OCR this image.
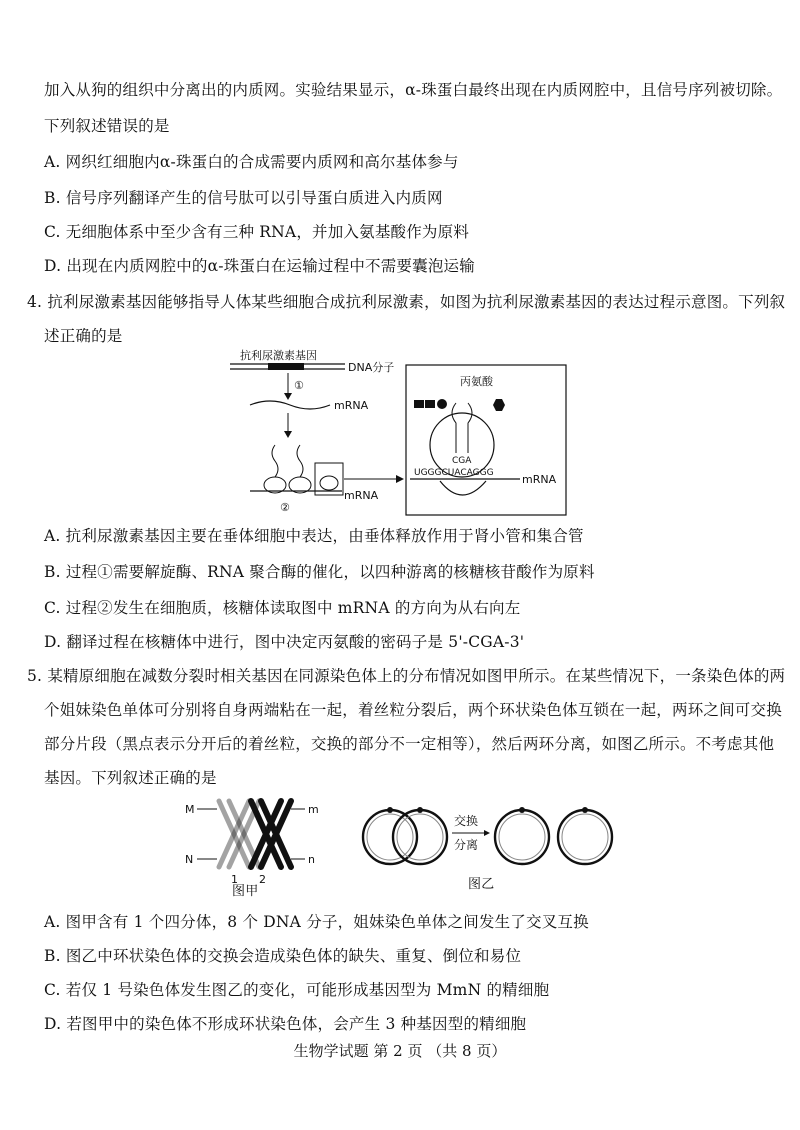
加入从狗的组织中分离出的内质网。实验结果显示，α-珠蛋白最终出现在内质网腔中，且信号序列被切除。
下列叙述错误的是
A. 网织红细胞内α-珠蛋白的合成需要内质网和高尔基体参与
B. 信号序列翻译产生的信号肽可以引导蛋白质进入内质网
C. 无细胞体系中至少含有三种 RNA，并加入氨基酸作为原料
D. 出现在内质网腔中的α-珠蛋白在运输过程中不需要囊泡运输
4. 抗利尿激素基因能够指导人体某些细胞合成抗利尿激素，如图为抗利尿激素基因的表达过程示意图。下列叙
述正确的是
抗利尿激素基因
DNA分子
①
mRNA
②
mRNA
丙氨酸
CGA
UGGGCUACAGGG	mRNA
A. 抗利尿激素基因主要在垂体细胞中表达，由垂体释放作用于肾小管和集合管
B. 过程①需要解旋酶、RNA 聚合酶的催化，以四种游离的核糖核苷酸作为原料
C. 过程②发生在细胞质，核糖体读取图中 mRNA 的方向为从右向左
D. 翻译过程在核糖体中进行，图中决定丙氨酸的密码子是 5'-CGA-3'
5. 某精原细胞在减数分裂时相关基因在同源染色体上的分布情况如图甲所示。在某些情况下，一条染色体的两
个姐妹染色单体可分别将自身两端粘在一起，着丝粒分裂后，两个环状染色体互锁在一起，两环之间可交换
部分片段（黑点表示分开后的着丝粒，交换的部分不一定相等），然后两环分离，如图乙所示。不考虑其他
基因。下列叙述正确的是
M
N
m
n
1 2
图甲
交换
分离
图乙
A. 图甲含有 1 个四分体，8 个 DNA 分子，姐妹染色单体之间发生了交叉互换
B. 图乙中环状染色体的交换会造成染色体的缺失、重复、倒位和易位
C. 若仅 1 号染色体发生图乙的变化，可能形成基因型为 MmN 的精细胞
D. 若图甲中的染色体不形成环状染色体，会产生 3 种基因型的精细胞
生物学试题 第 2 页 （共 8 页）
